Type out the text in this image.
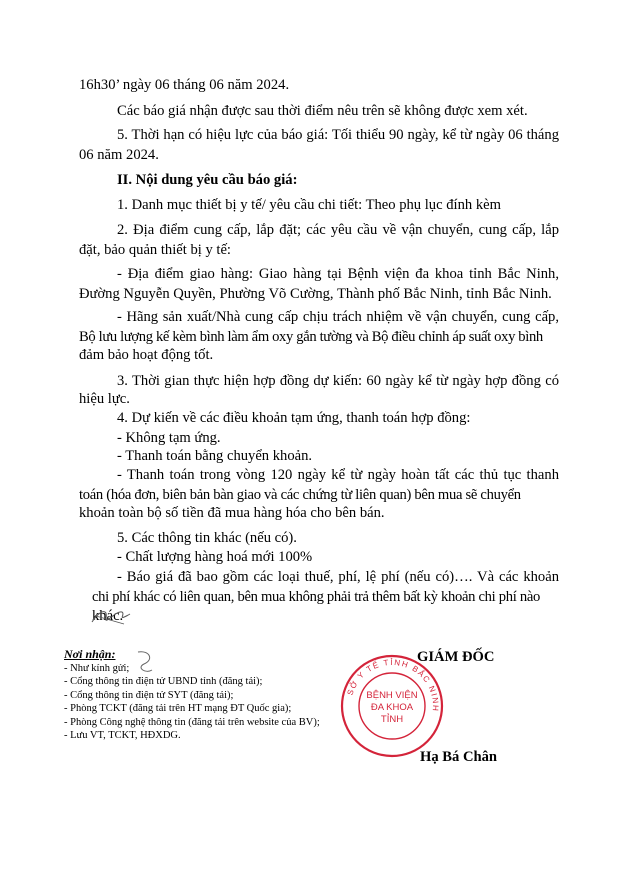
16h30’ ngày 06 tháng 06 năm 2024.
Các báo giá nhận được sau thời điểm nêu trên sẽ không được xem xét.
5. Thời hạn có hiệu lực của báo giá: Tối thiểu 90 ngày, kể từ ngày 06 tháng
06 năm 2024.
II. Nội dung yêu cầu báo giá:
1. Danh mục thiết bị y tế/ yêu cầu chi tiết: Theo phụ lục đính kèm
2. Địa điểm cung cấp, lắp đặt; các yêu cầu về vận chuyển, cung cấp, lắp
đặt, bảo quản thiết bị y tế:
- Địa điểm giao hàng: Giao hàng tại Bệnh viện đa khoa tỉnh Bắc Ninh,
Đường Nguyễn Quyền, Phường Võ Cường, Thành phố Bắc Ninh, tỉnh Bắc Ninh.
- Hãng sản xuất/Nhà cung cấp chịu trách nhiệm về vận chuyển, cung cấp,
Bộ lưu lượng kế kèm bình làm ẩm oxy gắn tường và Bộ điều chỉnh áp suất oxy bình
đảm bảo hoạt động tốt.
3. Thời gian thực hiện hợp đồng dự kiến: 60 ngày kể từ ngày hợp đồng có
hiệu lực.
4. Dự kiến về các điều khoản tạm ứng, thanh toán hợp đồng:
- Không tạm ứng.
- Thanh toán bằng chuyển khoản.
- Thanh toán trong vòng 120 ngày kể từ ngày hoàn tất các thủ tục thanh
toán (hóa đơn, biên bản bàn giao và các chứng từ liên quan) bên mua sẽ chuyển
khoản toàn bộ số tiền đã mua hàng hóa cho bên bán.
5. Các thông tin khác (nếu có).
- Chất lượng hàng hoá mới 100%
- Báo giá đã bao gồm các loại thuế, phí, lệ phí (nếu có)…. Và các khoản
chi phí khác có liên quan, bên mua không phải trả thêm bất kỳ khoản chi phí nào
khác.
Nơi nhận:
- Như kính gửi;
- Cổng thông tin điện tử UBND tỉnh (đăng tải);
- Cổng thông tin điện tử SYT (đăng tải);
- Phòng TCKT (đăng tải trên HT mạng ĐT Quốc gia);
- Phòng Công nghệ thông tin (đăng tải trên website của BV);
- Lưu VT, TCKT, HĐXDG.
GIÁM ĐỐC
SỞ Y TẾ TỈNH BẮC NINH
BỆNH VIỆN
ĐA KHOA
TỈNH
Hạ Bá Chân
